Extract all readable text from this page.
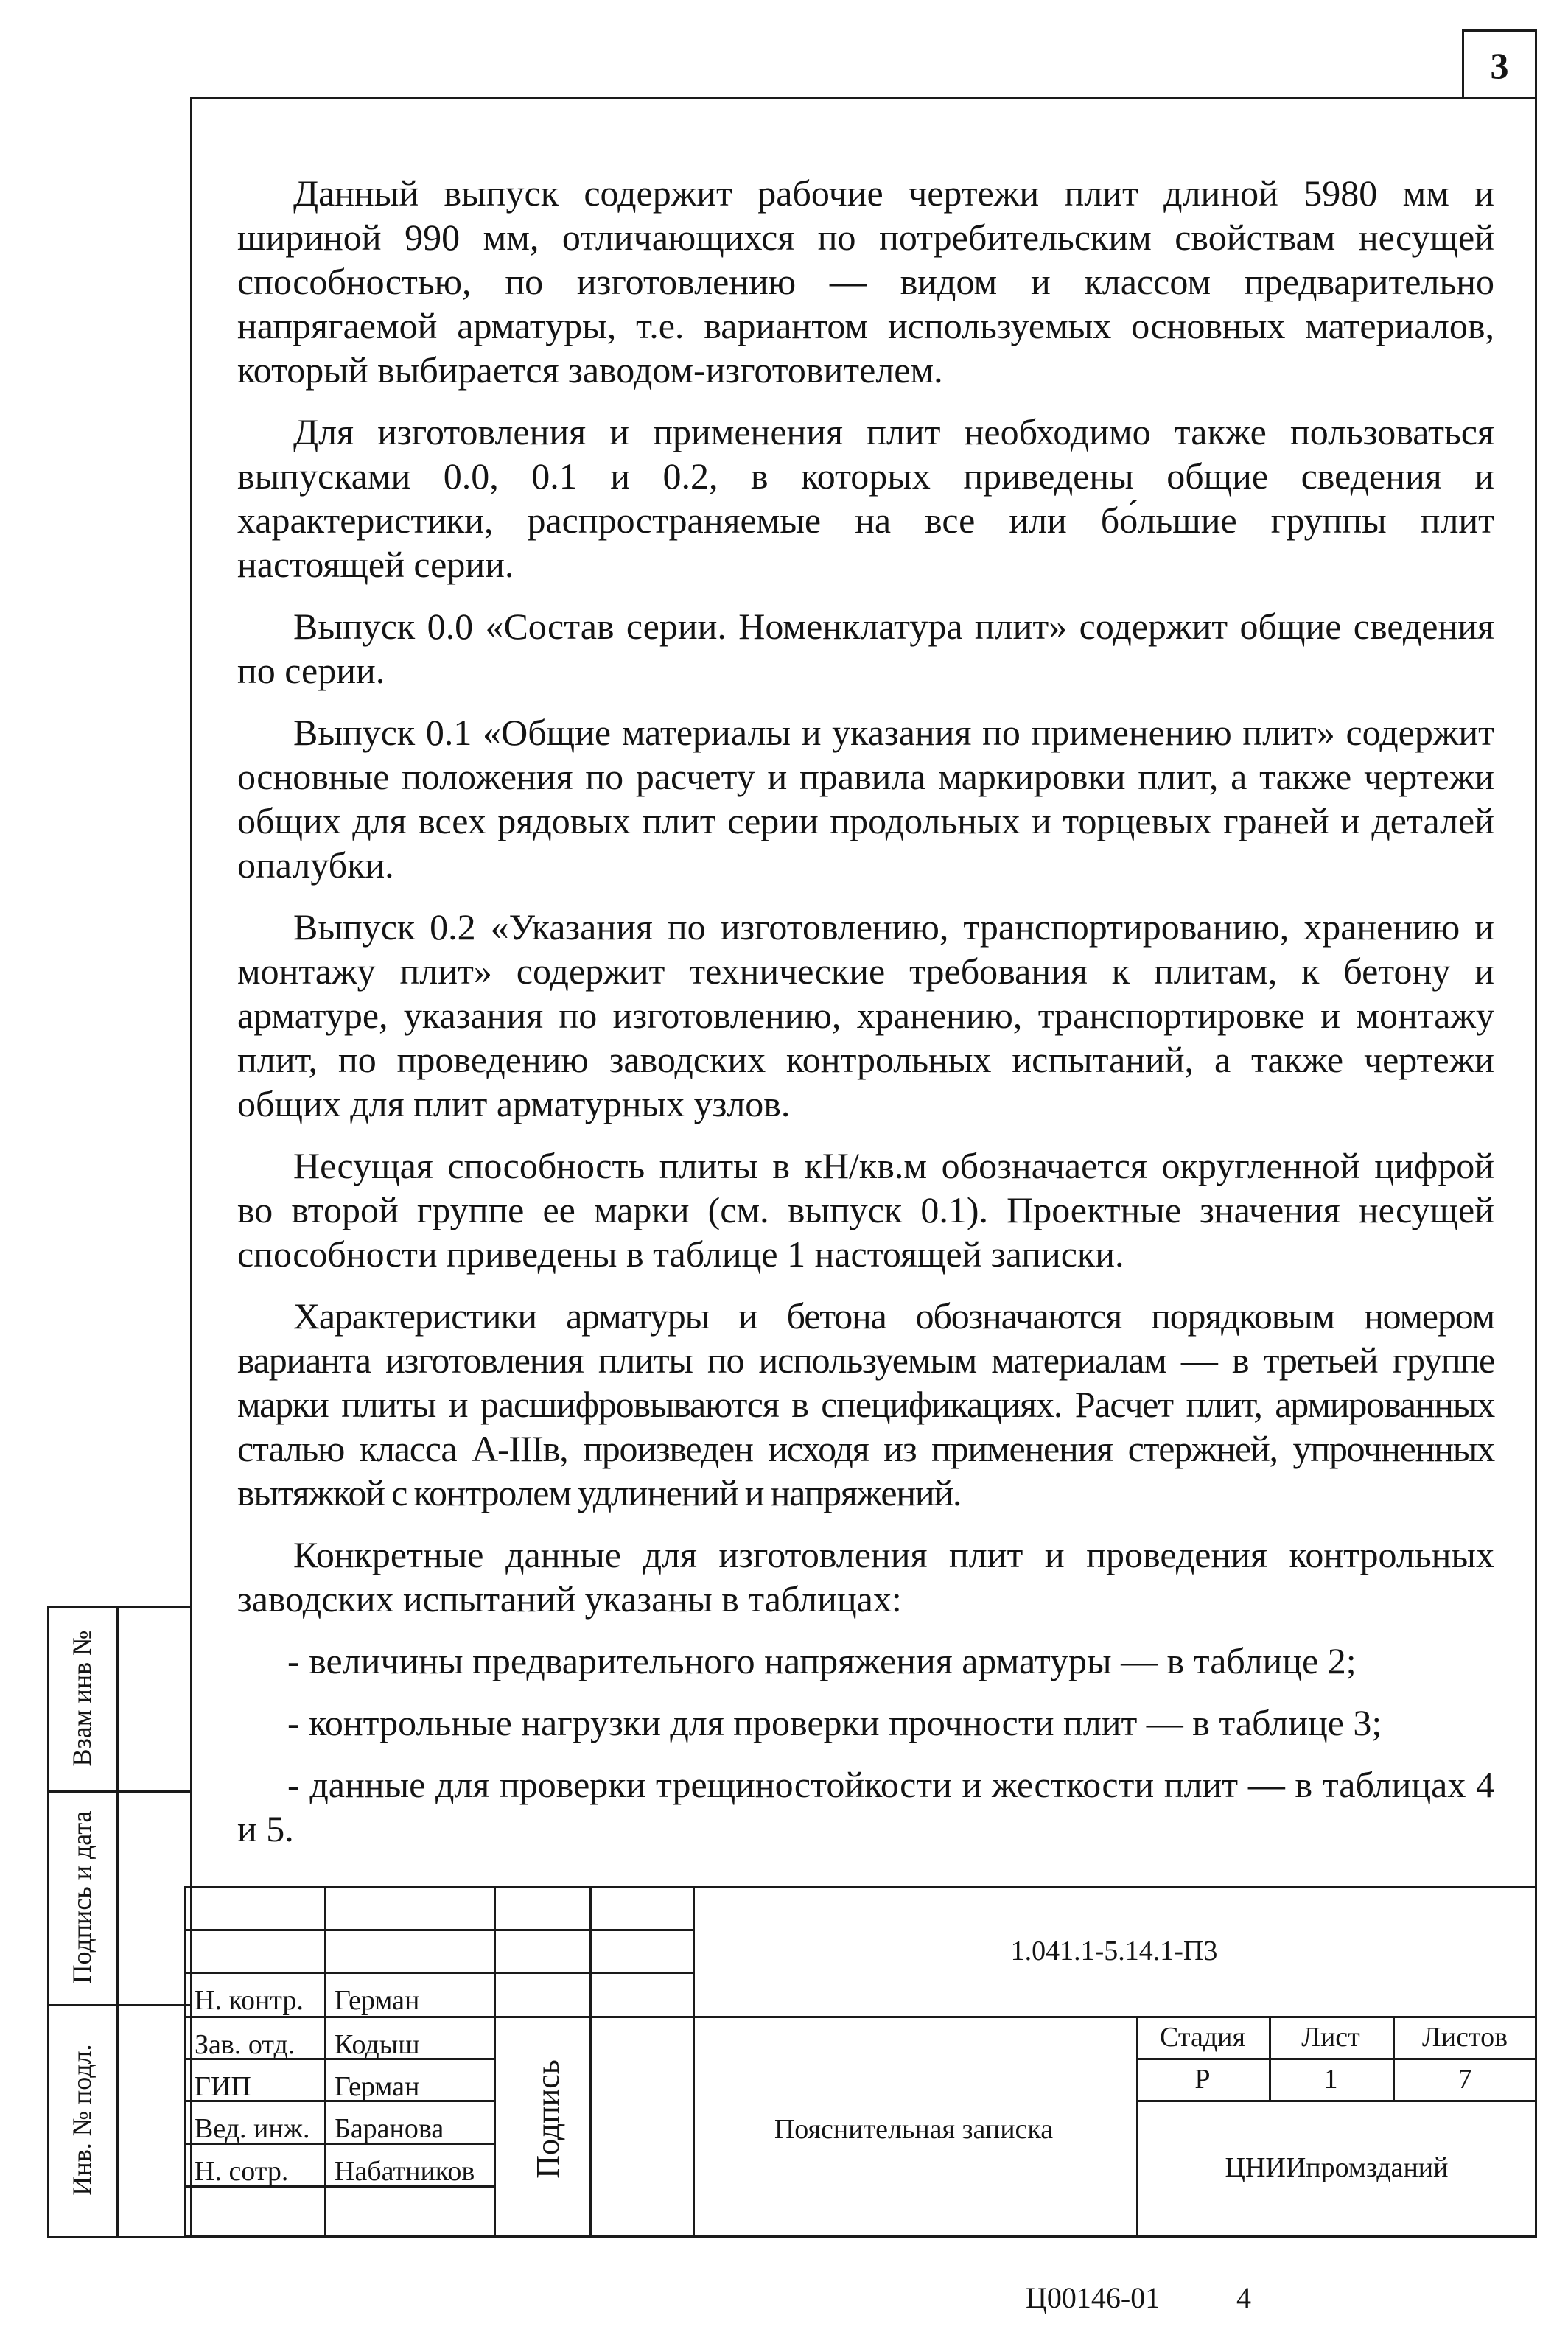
3

Данный выпуск содержит рабочие чертежи плит длиной 5980 мм и шириной 990 мм, отличающихся по потребительским свойствам несущей способностью, по изготовлению — видом и классом предварительно напрягаемой арматуры, т.е. вариантом используемых основных материалов, который выбирается заводом-изготовителем.

Для изготовления и применения плит необходимо также пользоваться выпусками 0.0, 0.1 и 0.2, в которых приведены общие сведения и характеристики, распространяемые на все или бо́льшие группы плит настоящей серии.

Выпуск 0.0 «Состав серии. Номенклатура плит» содержит общие сведения по серии.

Выпуск 0.1 «Общие материалы и указания по применению плит» содержит основные положения по расчету и правила маркировки плит, а также чертежи общих для всех рядовых плит серии продольных и торцевых граней и деталей опалубки.

Выпуск 0.2 «Указания по изготовлению, транспортированию, хранению и монтажу плит» содержит технические требования к плитам, к бетону и арматуре, указания по изготовлению, хранению, транспортировке и монтажу плит, по проведению заводских контрольных испытаний, а также чертежи общих для плит арматурных узлов.

Несущая способность плиты в кН/кв.м обозначается округленной цифрой во второй группе ее марки (см. выпуск 0.1). Проектные значения несущей способности приведены в таблице 1 настоящей записки.

Характеристики арматуры и бетона обозначаются порядковым номером варианта изготовления плиты по используемым материалам — в третьей группе марки плиты и расшифровываются в спецификациях. Расчет плит, армированных сталью класса А-IIIв, произведен исходя из применения стержней, упрочненных вытяжкой с контролем удлинений и напряжений.

Конкретные данные для изготовления плит и проведения контрольных заводских испытаний указаны в таблицах:

- величины предварительного напряжения арматуры — в таблице 2;

- контрольные нагрузки для проверки прочности плит — в таблице 3;

- данные для проверки трещиностойкости и жесткости плит — в таблицах 4 и 5.

Взам инв №
Подпись и дата
Инв. № подл.
Н. контр. Герман
Зав. отд. Кодыш
ГИП	Герман
Вед. инж. Баранова
Н. сотр. Набатников Подпись
1.041.1-5.14.1-П3
Пояснительная записка
Стадия Лист Листов
Р	1	7
ЦНИИпромзданий
Ц00146-01	4
